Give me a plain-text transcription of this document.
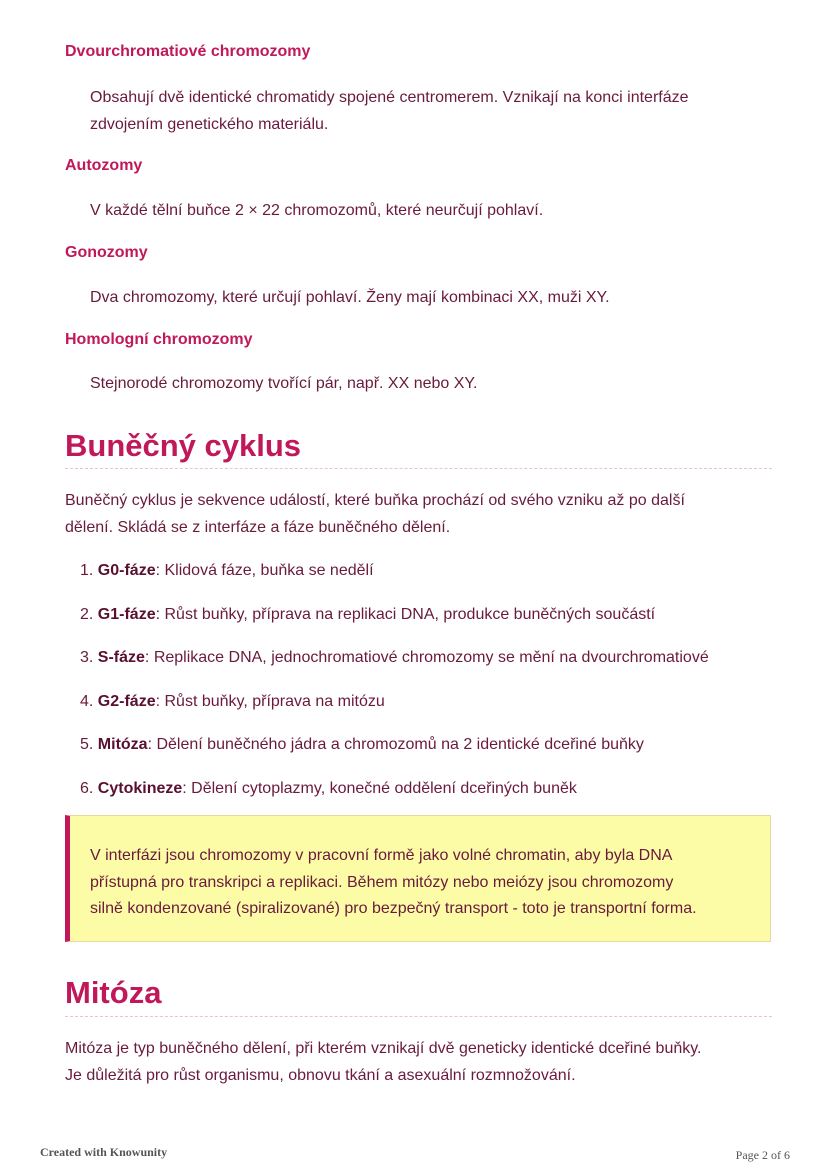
Dvourchromatiové chromozomy
Obsahují dvě identické chromatidy spojené centromerem. Vznikají na konci interfáze
zdvojením genetického materiálu.
Autozomy
V každé tělní buňce 2 × 22 chromozomů, které neurčují pohlaví.
Gonozomy
Dva chromozomy, které určují pohlaví. Ženy mají kombinaci XX, muži XY.
Homologní chromozomy
Stejnorodé chromozomy tvořící pár, např. XX nebo XY.
Buněčný cyklus
Buněčný cyklus je sekvence událostí, které buňka prochází od svého vzniku až po další
dělení. Skládá se z interfáze a fáze buněčného dělení.
1. G0-fáze: Klidová fáze, buňka se nedělí
2. G1-fáze: Růst buňky, příprava na replikaci DNA, produkce buněčných součástí
3. S-fáze: Replikace DNA, jednochromatiové chromozomy se mění na dvourchromatiové
4. G2-fáze: Růst buňky, příprava na mitózu
5. Mitóza: Dělení buněčného jádra a chromozomů na 2 identické dceřiné buňky
6. Cytokineze: Dělení cytoplazmy, konečné oddělení dceřiných buněk
V interfázi jsou chromozomy v pracovní formě jako volné chromatin, aby byla DNA
přístupná pro transkripci a replikaci. Během mitózy nebo meiózy jsou chromozomy
silně kondenzované (spiralizované) pro bezpečný transport - toto je transportní forma.
Mitóza
Mitóza je typ buněčného dělení, při kterém vznikají dvě geneticky identické dceřiné buňky.
Je důležitá pro růst organismu, obnovu tkání a asexuální rozmnožování.
Created with Knowunity	Page 2 of 6
